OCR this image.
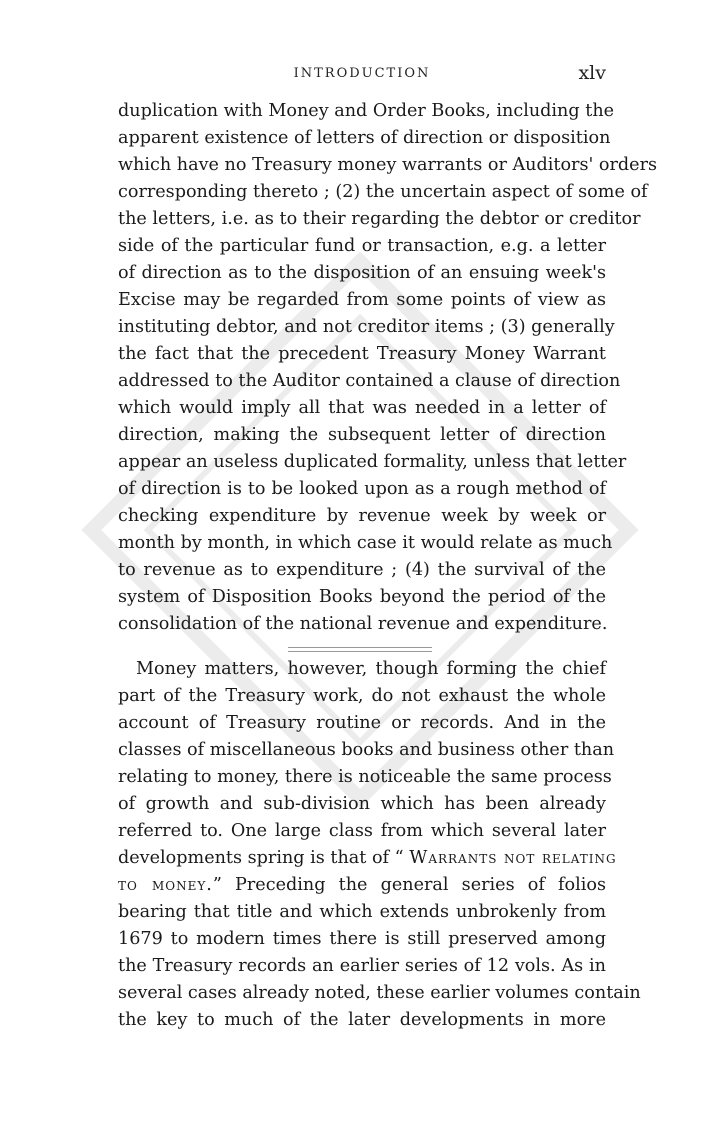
INTRODUCTION	xlv
duplication with Money and Order Books, including the
apparent existence of letters of direction or disposition
which have no Treasury money warrants or Auditors' orders
corresponding thereto ; (2) the uncertain aspect of some of
the letters, i.e. as to their regarding the debtor or creditor
side of the particular fund or transaction, e.g. a letter
of direction as to the disposition of an ensuing week's
Excise may be regarded from some points of view as
instituting debtor, and not creditor items ; (3) generally
the fact that the precedent Treasury Money Warrant
addressed to the Auditor contained a clause of direction
which would imply all that was needed in a letter of
direction, making the subsequent letter of direction
appear an useless duplicated formality, unless that letter
of direction is to be looked upon as a rough method of
checking expenditure by revenue week by week or
month by month, in which case it would relate as much
to revenue as to expenditure ; (4) the survival of the
system of Disposition Books beyond the period of the
consolidation of the national revenue and expenditure.
Money matters, however, though forming the chief
part of the Treasury work, do not exhaust the whole
account of Treasury routine or records. And in the
classes of miscellaneous books and business other than
relating to money, there is noticeable the same process
of growth and sub-division which has been already
referred to. One large class from which several later
developments spring is that of “ Warrants not relating
to money.” Preceding the general series of folios
bearing that title and which extends unbrokenly from
1679 to modern times there is still preserved among
the Treasury records an earlier series of 12 vols. As in
several cases already noted, these earlier volumes contain
the key to much of the later developments in more
